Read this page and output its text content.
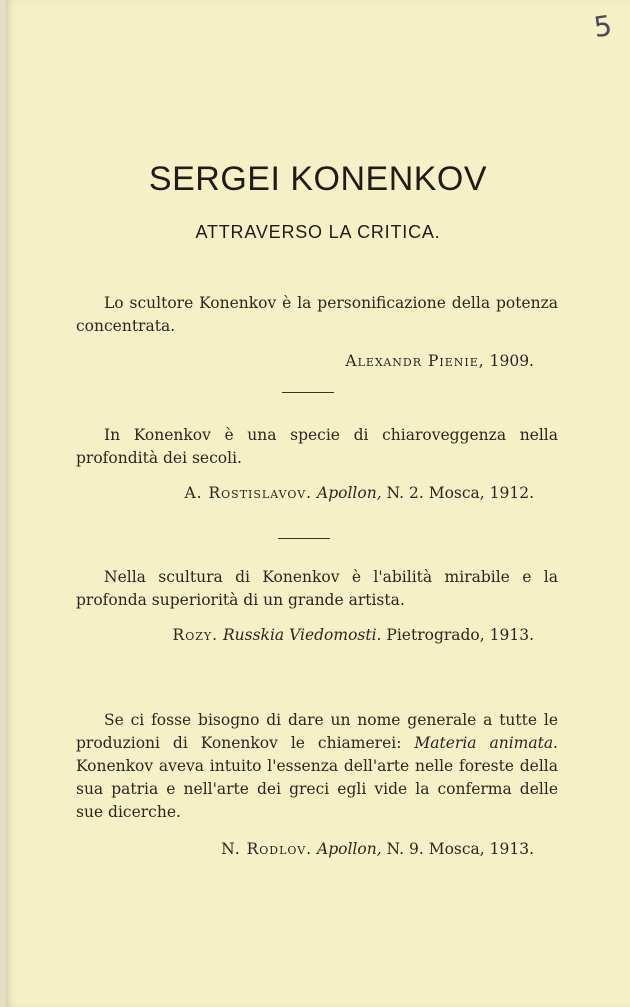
5
SERGEI KONENKOV
ATTRAVERSO LA CRITICA.

Lo scultore Konenkov è la personificazione della potenza concentrata.

Alexandr Pienie, 1909.

In Konenkov è una specie di chiaroveggenza nella profondità dei secoli.

A. Rostislavov. Apollon, N. 2. Mosca, 1912.

Nella scultura di Konenkov è l'abilità mirabile e la profonda superiorità di un grande artista.

Rozy. Russkia Viedomosti. Pietrogrado, 1913.

Se ci fosse bisogno di dare un nome generale a tutte le produzioni di Konenkov le chiamerei: Materia animata. Konenkov aveva intuito l'essenza dell'arte nelle foreste della sua patria e nell'arte dei greci egli vide la conferma delle sue dicerche.

N. Rodlov. Apollon, N. 9. Mosca, 1913.
